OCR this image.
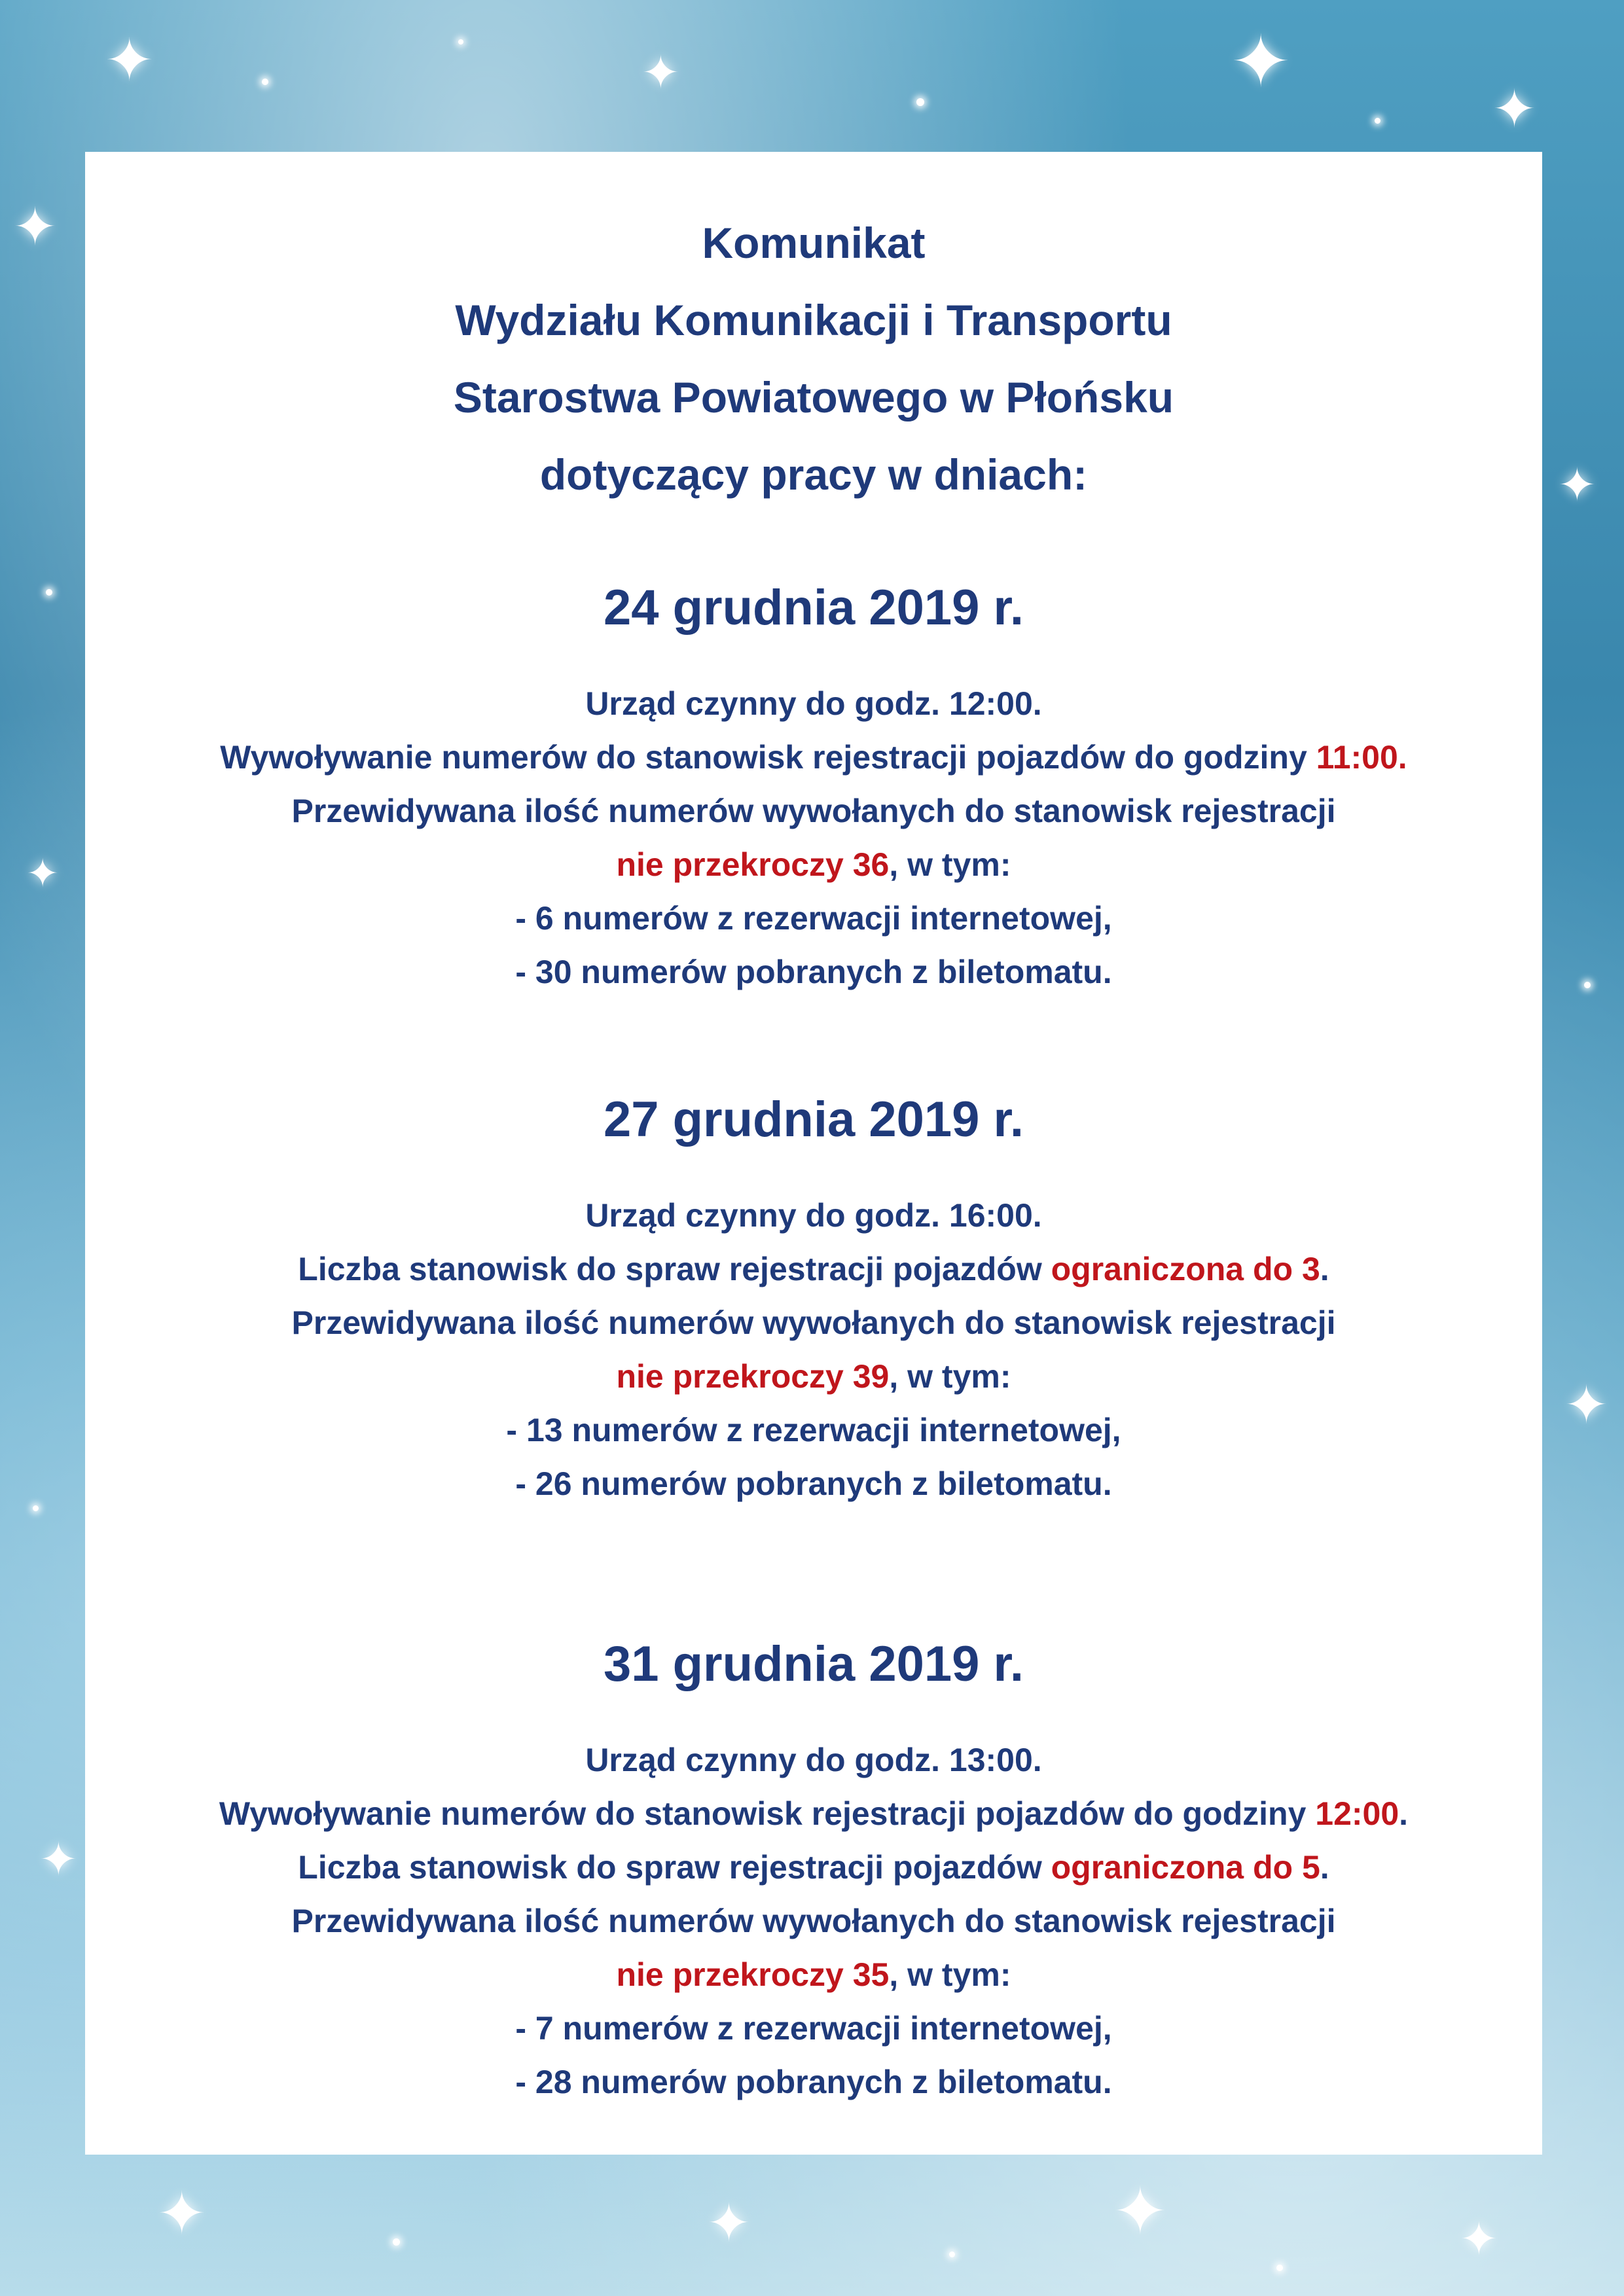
✦	✦	✦
✦
✦
✦
✦
✦
✦
✦	✦	✦	✦
Komunikat
Wydziału Komunikacji i Transportu
Starostwa Powiatowego w Płońsku
dotyczący pracy w dniach:
24 grudnia 2019 r.
Urząd czynny do godz. 12:00.
Wywoływanie numerów do stanowisk rejestracji pojazdów do godziny 11:00.
Przewidywana ilość numerów wywołanych do stanowisk rejestracji
nie przekroczy 36, w tym:
- 6 numerów z rezerwacji internetowej,
- 30 numerów pobranych z biletomatu.
27 grudnia 2019 r.
Urząd czynny do godz. 16:00.
Liczba stanowisk do spraw rejestracji pojazdów ograniczona do 3.
Przewidywana ilość numerów wywołanych do stanowisk rejestracji
nie przekroczy 39, w tym:
- 13 numerów z rezerwacji internetowej,
- 26 numerów pobranych z biletomatu.
31 grudnia 2019 r.
Urząd czynny do godz. 13:00.
Wywoływanie numerów do stanowisk rejestracji pojazdów do godziny 12:00.
Liczba stanowisk do spraw rejestracji pojazdów ograniczona do 5.
Przewidywana ilość numerów wywołanych do stanowisk rejestracji
nie przekroczy 35, w tym:
- 7 numerów z rezerwacji internetowej,
- 28 numerów pobranych z biletomatu.
